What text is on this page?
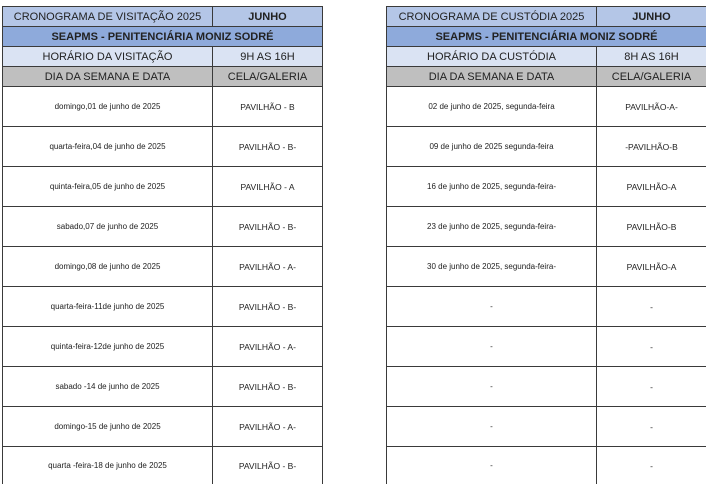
CRONOGRAMA DE VISITAÇÃO 2025	JUNHO
SEAPMS - PENITENCIÁRIA MONIZ SODRÉ	
HORÁRIO DA VISITAÇÃO	9H AS 16H
DIA DA SEMANA E DATA	CELA/GALERIA
domingo,01 de junho de 2025	PAVILHÃO - B
quarta-feira,04 de junho de 2025	PAVILHÃO - B-
quinta-feira,05 de junho de 2025	PAVILHÃO - A
sabado,07 de junho de 2025	PAVILHÃO - B-
domingo,08 de junho de 2025	PAVILHÃO - A-
quarta-feira-11de junho de 2025	PAVILHÃO - B-
quinta-feira-12de junho de 2025	PAVILHÃO - A-
sabado -14 de junho de 2025	PAVILHÃO - B-
domingo-15 de junho de 2025	PAVILHÃO - A-
quarta -feira-18 de junho de 2025	PAVILHÃO - B-
CRONOGRAMA DE CUSTÓDIA 2025	JUNHO
SEAPMS - PENITENCIÁRIA MONIZ SODRÉ	
HORÁRIO DA CUSTÓDIA	8H AS 16H
DIA DA SEMANA E DATA	CELA/GALERIA
02 de junho de 2025, segunda-feira	PAVILHÃO-A-
09 de junho de 2025 segunda-feira	-PAVILHÃO-B
16 de junho de 2025, segunda-feira-	PAVILHÃO-A
23 de junho de 2025, segunda-feira-	PAVILHÃO-B
30 de junho de 2025, segunda-feira-	PAVILHÃO-A
-	-
-	-
-	-
-	-
-	-
